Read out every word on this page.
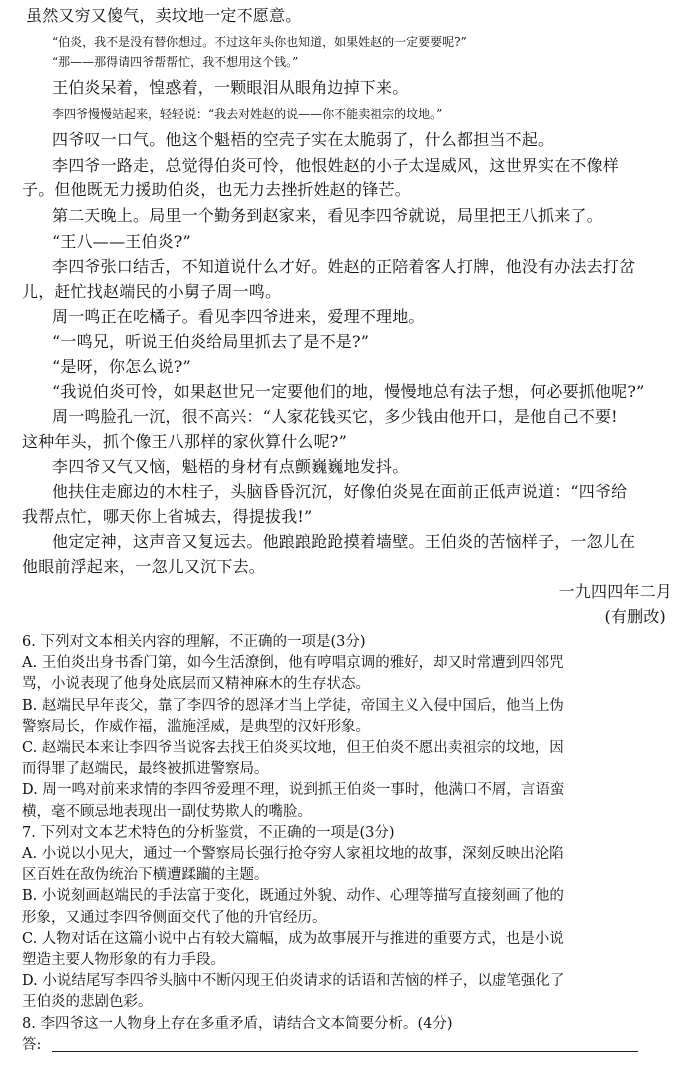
虽然又穷又傻气，卖坟地一定不愿意。
“伯炎，我不是没有替你想过。不过这年头你也知道，如果姓赵的一定要要呢?”
“那——那得请四爷帮帮忙，我不想用这个钱。”
王伯炎呆着，惶惑着，一颗眼泪从眼角边掉下来。
李四爷慢慢站起来，轻轻说：“我去对姓赵的说——你不能卖祖宗的坟地。”
四爷叹一口气。他这个魁梧的空壳子实在太脆弱了，什么都担当不起。
李四爷一路走，总觉得伯炎可怜，他恨姓赵的小子太逞威风，这世界实在不像样
子。但他既无力援助伯炎，也无力去挫折姓赵的锋芒。
第二天晚上。局里一个勤务到赵家来，看见李四爷就说，局里把王八抓来了。
“王八——王伯炎?”
李四爷张口结舌，不知道说什么才好。姓赵的正陪着客人打牌，他没有办法去打岔
儿，赶忙找赵端民的小舅子周一鸣。
周一鸣正在吃橘子。看见李四爷进来，爱理不理地。
“一鸣兄，听说王伯炎给局里抓去了是不是?”
“是呀，你怎么说?”
“我说伯炎可怜，如果赵世兄一定要他们的地，慢慢地总有法子想，何必要抓他呢?”
周一鸣脸孔一沉，很不高兴：“人家花钱买它，多少钱由他开口，是他自己不要!
这种年头，抓个像王八那样的家伙算什么呢?”
李四爷又气又恼，魁梧的身材有点颤巍巍地发抖。
他扶住走廊边的木柱子，头脑昏昏沉沉，好像伯炎晃在面前正低声说道：“四爷给
我帮点忙，哪天你上省城去，得提拔我!”
他定定神，这声音又复远去。他踉踉跄跄摸着墙壁。王伯炎的苦恼样子，一忽儿在
他眼前浮起来，一忽儿又沉下去。
一九四四年二月
(有删改)
6. 下列对文本相关内容的理解，不正确的一项是(3分)
A. 王伯炎出身书香门第，如今生活潦倒，他有哼唱京调的雅好，却又时常遭到四邻咒
骂，小说表现了他身处底层而又精神麻木的生存状态。
B. 赵端民早年丧父，靠了李四爷的恩泽才当上学徒，帝国主义入侵中国后，他当上伪
警察局长，作威作福，滥施淫威，是典型的汉奸形象。
C. 赵端民本来让李四爷当说客去找王伯炎买坟地，但王伯炎不愿出卖祖宗的坟地，因
而得罪了赵端民，最终被抓进警察局。
D. 周一鸣对前来求情的李四爷爱理不理，说到抓王伯炎一事时，他满口不屑，言语蛮
横，毫不顾忌地表现出一副仗势欺人的嘴脸。
7. 下列对文本艺术特色的分析鉴赏，不正确的一项是(3分)
A. 小说以小见大，通过一个警察局长强行抢夺穷人家祖坟地的故事，深刻反映出沦陷
区百姓在敌伪统治下横遭蹂躏的主题。
B. 小说刻画赵端民的手法富于变化，既通过外貌、动作、心理等描写直接刻画了他的
形象，又通过李四爷侧面交代了他的升官经历。
C. 人物对话在这篇小说中占有较大篇幅，成为故事展开与推进的重要方式，也是小说
塑造主要人物形象的有力手段。
D. 小说结尾写李四爷头脑中不断闪现王伯炎请求的话语和苦恼的样子，以虚笔强化了
王伯炎的悲剧色彩。
8. 李四爷这一人物身上存在多重矛盾，请结合文本简要分析。(4分)
答:
